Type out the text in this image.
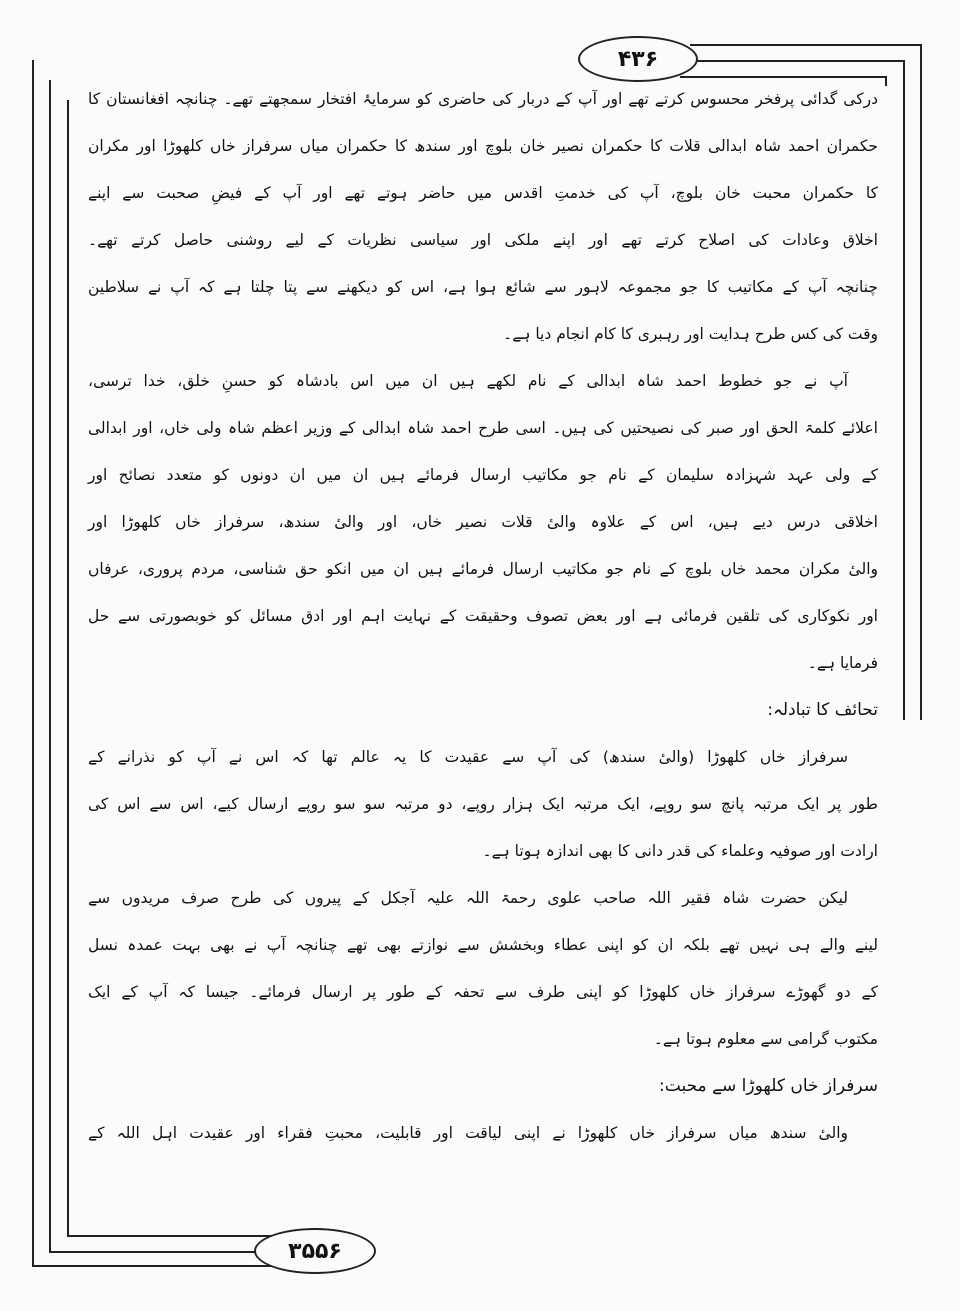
۴۳۶
۳۵۵۶
درکی گدائی پرفخر محسوس کرتے تھے اور آپ کے دربار کی حاضری کو سرمایۂ افتخار سمجھتے تھے۔ چنانچہ افغانستان کا
حکمران احمد شاہ ابدالی قلات کا حکمران نصیر خان بلوچ اور سندھ کا حکمران میاں سرفراز خاں کلھوڑا اور مکران
کا حکمران محبت خان بلوچ، آپ کی خدمتِ اقدس میں حاضر ہوتے تھے اور آپ کے فیضِ صحبت سے اپنے
اخلاق وعادات کی اصلاح کرتے تھے اور اپنے ملکی اور سیاسی نظریات کے لیے روشنی حاصل کرتے تھے۔
چنانچہ آپ کے مکاتیب کا جو مجموعہ لاہور سے شائع ہوا ہے، اس کو دیکھنے سے پتا چلتا ہے کہ آپ نے سلاطین
وقت کی کس طرح ہدایت اور رہبری کا کام انجام دیا ہے۔
آپ نے جو خطوط احمد شاہ ابدالی کے نام لکھے ہیں ان میں اس بادشاہ کو حسنِ خلق، خدا ترسی،
اعلائے کلمۃ الحق اور صبر کی نصیحتیں کی ہیں۔ اسی طرح احمد شاہ ابدالی کے وزیر اعظم شاہ ولی خاں، اور ابدالی
کے ولی عہد شہزادہ سلیمان کے نام جو مکاتیب ارسال فرمائے ہیں ان میں ان دونوں کو متعدد نصائح اور
اخلاقی درس دیے ہیں، اس کے علاوہ والیٔ قلات نصیر خاں، اور والیٔ سندھ، سرفراز خاں کلھوڑا اور
والیٔ مکران محمد خاں بلوچ کے نام جو مکاتیب ارسال فرمائے ہیں ان میں انکو حق شناسی، مردم پروری، عرفاں
اور نکوکاری کی تلقین فرمائی ہے اور بعض تصوف وحقیقت کے نہایت اہم اور ادق مسائل کو خوبصورتی سے حل
فرمایا ہے۔
تحائف کا تبادلہ:
سرفراز خاں کلھوڑا (والیٔ سندھ) کی آپ سے عقیدت کا یہ عالم تھا کہ اس نے آپ کو نذرانے کے
طور پر ایک مرتبہ پانچ سو روپے، ایک مرتبہ ایک ہزار روپے، دو مرتبہ سو سو روپے ارسال کیے، اس سے اس کی
ارادت اور صوفیہ وعلماء کی قدر دانی کا بھی اندازہ ہوتا ہے۔
لیکن حضرت شاہ فقیر اللہ صاحب علوی رحمۃ اللہ علیہ آجکل کے پیروں کی طرح صرف مریدوں سے
لینے والے ہی نہیں تھے بلکہ ان کو اپنی عطاء وبخشش سے نوازتے بھی تھے چنانچہ آپ نے بھی بہت عمدہ نسل
کے دو گھوڑے سرفراز خاں کلھوڑا کو اپنی طرف سے تحفہ کے طور پر ارسال فرمائے۔ جیسا کہ آپ کے ایک
مکتوب گرامی سے معلوم ہوتا ہے۔
سرفراز خاں کلھوڑا سے محبت:
والیٔ سندھ میاں سرفراز خاں کلھوڑا نے اپنی لیاقت اور قابلیت، محبتِ فقراء اور عقیدت اہل اللہ کے
